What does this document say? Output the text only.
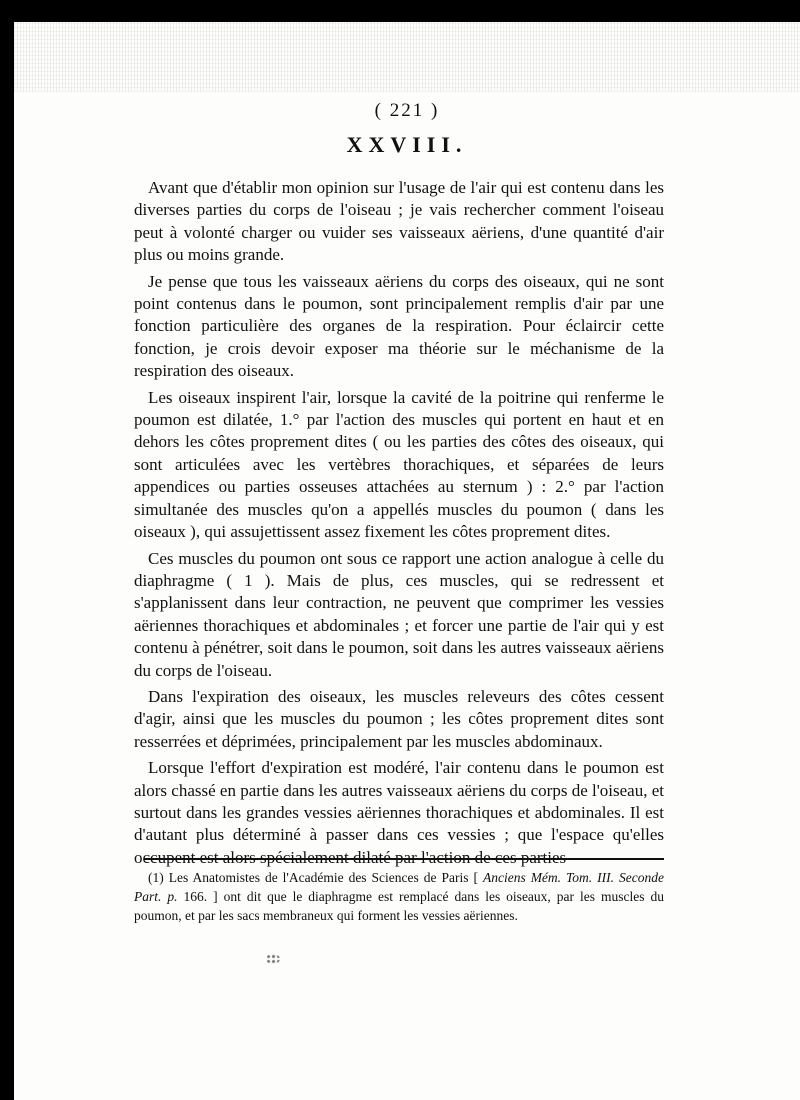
( 221 )
XXVIII.

Avant que d'établir mon opinion sur l'usage de l'air qui est contenu dans les diverses parties du corps de l'oiseau ; je vais rechercher comment l'oiseau peut à volonté charger ou vuider ses vaisseaux aëriens, d'une quantité d'air plus ou moins grande.

Je pense que tous les vaisseaux aëriens du corps des oiseaux, qui ne sont point contenus dans le poumon, sont principalement remplis d'air par une fonction particulière des organes de la respiration. Pour éclaircir cette fonction, je crois devoir exposer ma théorie sur le méchanisme de la respiration des oiseaux.

Les oiseaux inspirent l'air, lorsque la cavité de la poitrine qui renferme le poumon est dilatée, 1.° par l'action des muscles qui portent en haut et en dehors les côtes proprement dites ( ou les parties des côtes des oiseaux, qui sont articulées avec les vertèbres thorachiques, et séparées de leurs appendices ou parties osseuses attachées au sternum ) : 2.° par l'action simultanée des muscles qu'on a appellés muscles du poumon ( dans les oiseaux ), qui assujettissent assez fixement les côtes proprement dites.

Ces muscles du poumon ont sous ce rapport une action analogue à celle du diaphragme ( 1 ). Mais de plus, ces muscles, qui se redressent et s'applanissent dans leur contraction, ne peuvent que comprimer les vessies aëriennes thorachiques et abdominales ; et forcer une partie de l'air qui y est contenu à pénétrer, soit dans le poumon, soit dans les autres vaisseaux aëriens du corps de l'oiseau.

Dans l'expiration des oiseaux, les muscles releveurs des côtes cessent d'agir, ainsi que les muscles du poumon ; les côtes proprement dites sont resserrées et déprimées, principalement par les muscles abdominaux.

Lorsque l'effort d'expiration est modéré, l'air contenu dans le poumon est alors chassé en partie dans les autres vaisseaux aëriens du corps de l'oiseau, et surtout dans les grandes vessies aëriennes thorachiques et abdominales. Il est d'autant plus déterminé à passer dans ces vessies ; que l'espace qu'elles occupent est alors spécialement dilaté par l'action de ces parties

(1) Les Anatomistes de l'Académie des Sciences de Paris [ Anciens Mém. Tom. III. Seconde Part. p. 166. ] ont dit que le diaphragme est remplacé dans les oiseaux, par les muscles du poumon, et par les sacs membraneux qui forment les vessies aëriennes.
